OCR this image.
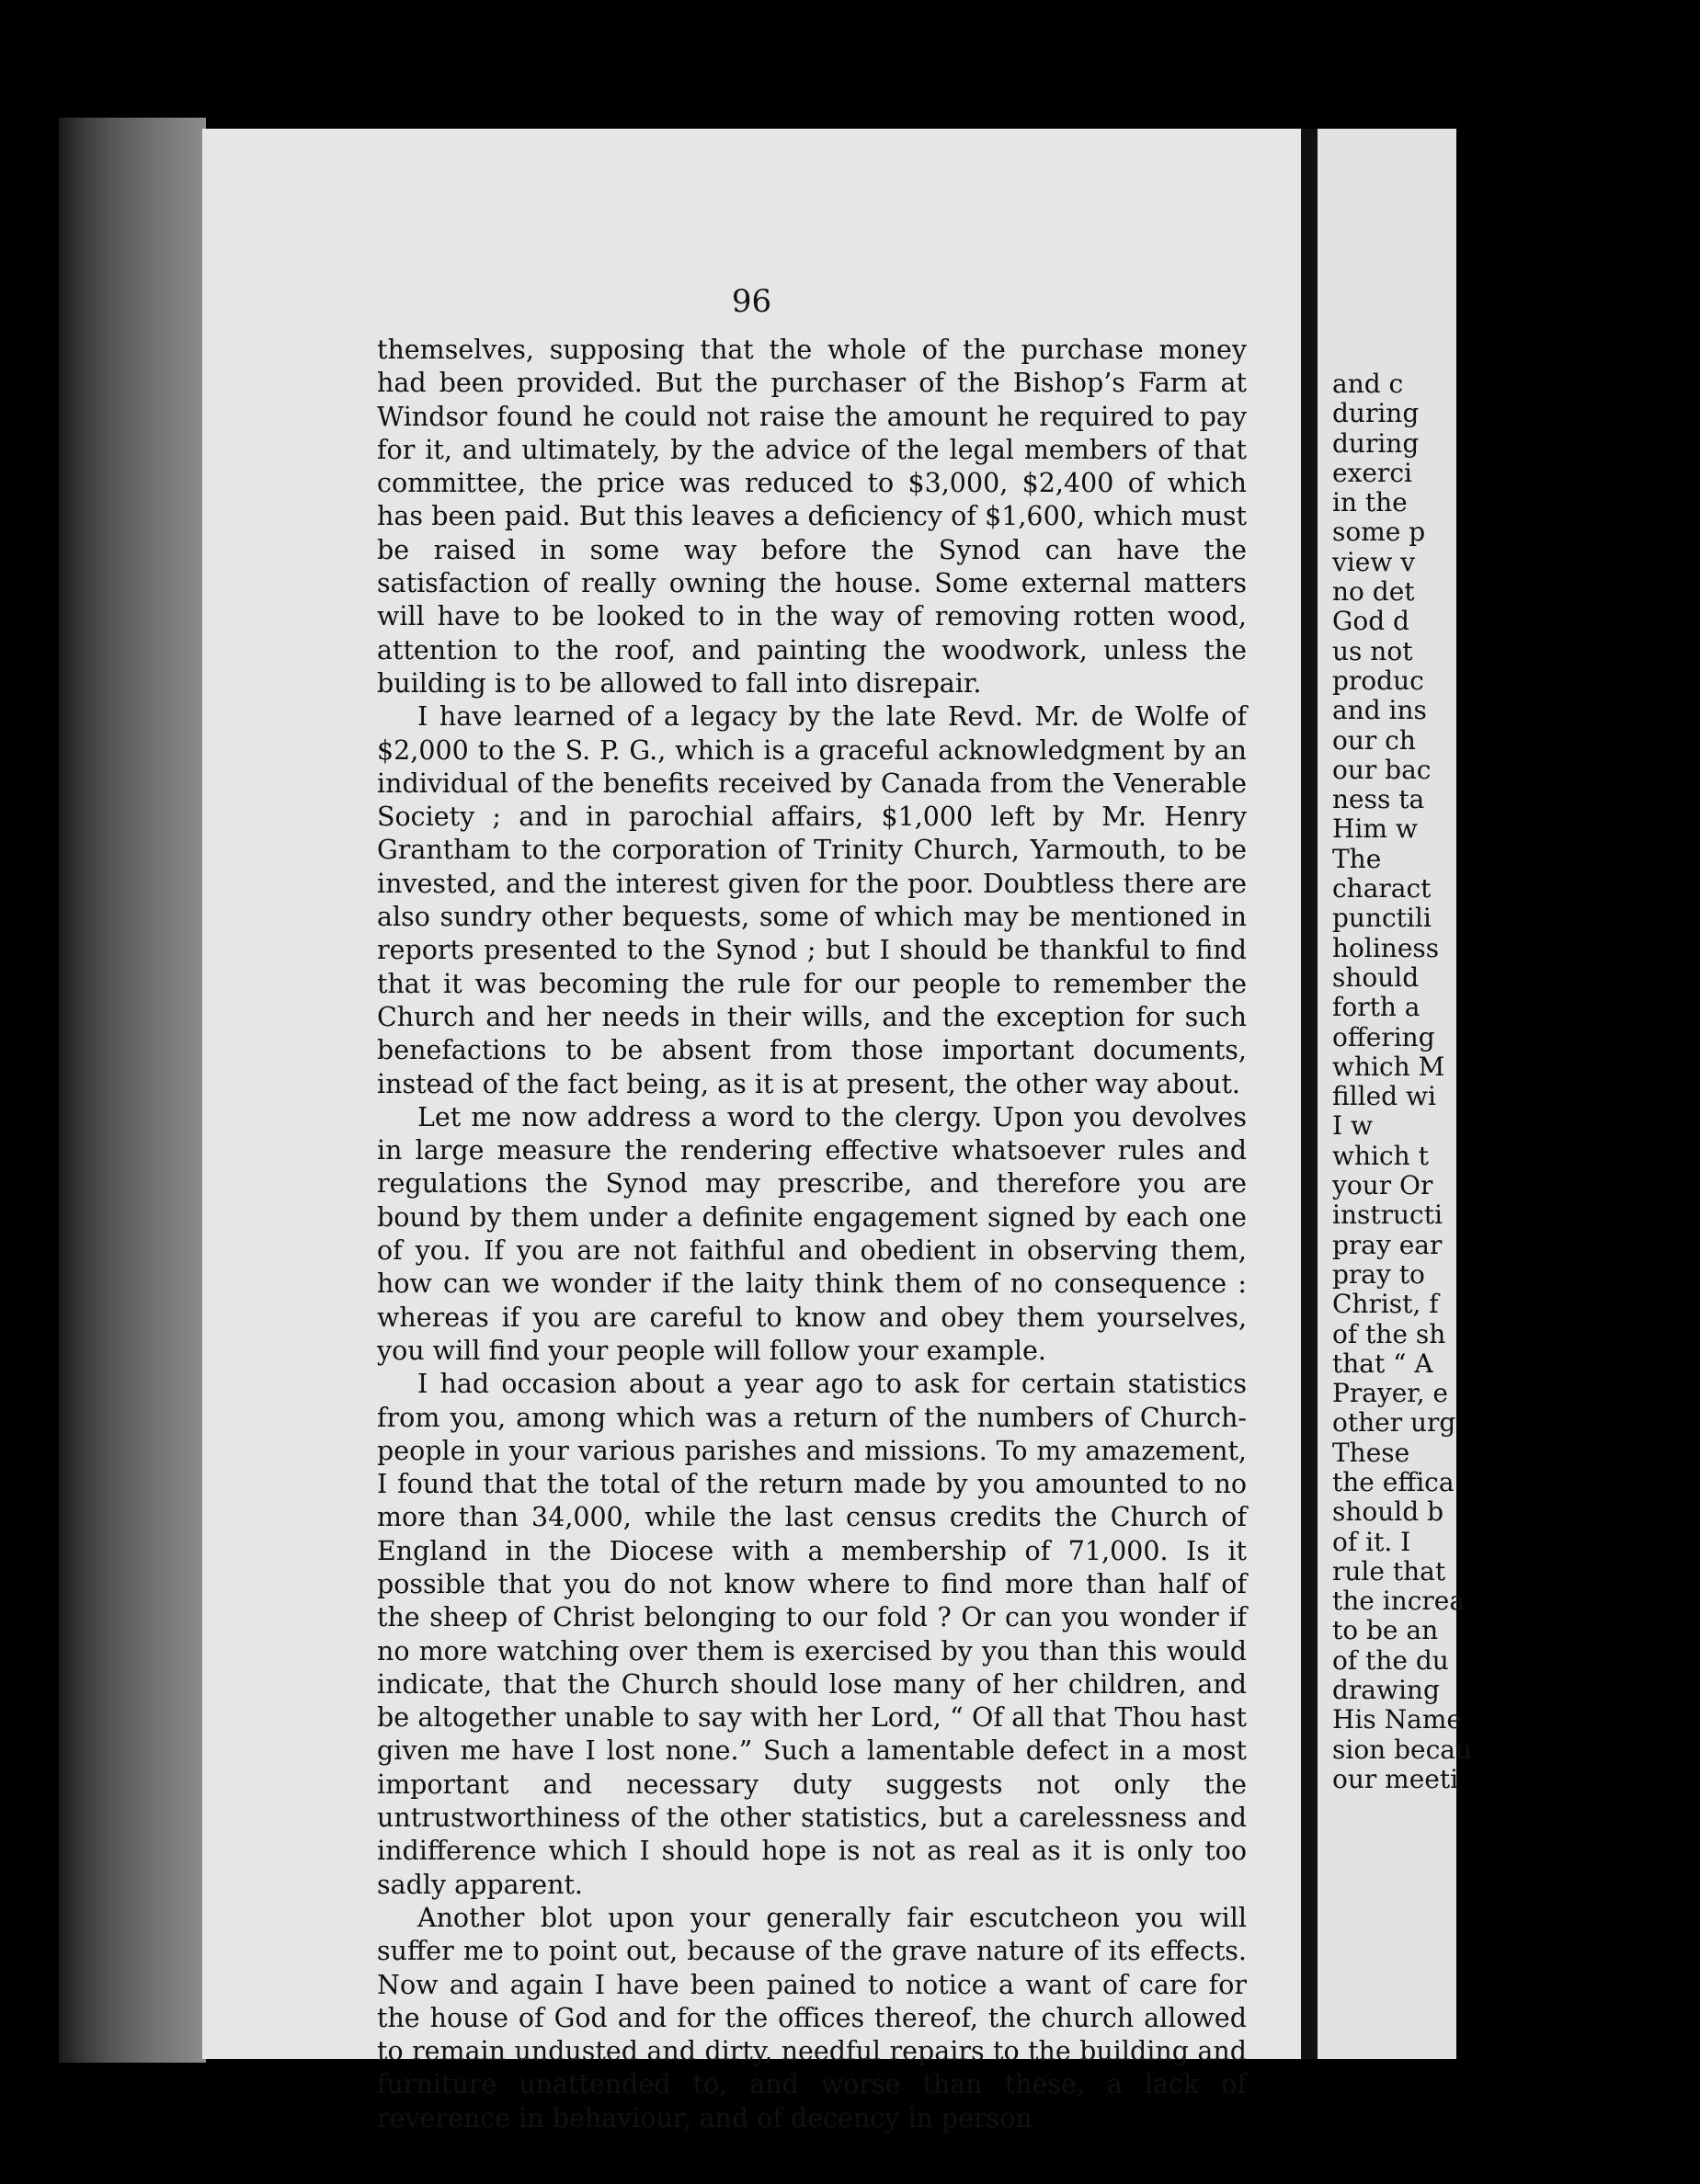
96

themselves, supposing that the whole of the purchase money had been provided. But the purchaser of the Bishop’s Farm at Windsor found he could not raise the amount he required to pay for it, and ultimately, by the advice of the legal members of that committee, the price was reduced to $3,000, $2,400 of which has been paid. But this leaves a deficiency of $1,600, which must be raised in some way before the Synod can have the satisfaction of really owning the house. Some external matters will have to be looked to in the way of removing rotten wood, attention to the roof, and painting the woodwork, unless the building is to be allowed to fall into disrepair.

I have learned of a legacy by the late Revd. Mr. de Wolfe of $2,000 to the S. P. G., which is a graceful acknowledgment by an individual of the benefits received by Canada from the Venerable Society ; and in parochial affairs, $1,000 left by Mr. Henry Grantham to the corporation of Trinity Church, Yarmouth, to be invested, and the interest given for the poor. Doubtless there are also sundry other bequests, some of which may be mentioned in reports presented to the Synod ; but I should be thankful to find that it was becoming the rule for our people to remember the Church and her needs in their wills, and the exception for such benefactions to be absent from those important documents, instead of the fact being, as it is at present, the other way about.

Let me now address a word to the clergy. Upon you devolves in large measure the rendering effective whatsoever rules and regulations the Synod may prescribe, and therefore you are bound by them under a definite engagement signed by each one of you. If you are not faithful and obedient in observing them, how can we wonder if the laity think them of no consequence : whereas if you are careful to know and obey them yourselves, you will find your people will follow your example.

I had occasion about a year ago to ask for certain statistics from you, among which was a return of the numbers of Church-people in your various parishes and missions. To my amazement, I found that the total of the return made by you amounted to no more than 34,000, while the last census credits the Church of England in the Diocese with a membership of 71,000. Is it possible that you do not know where to find more than half of the sheep of Christ belonging to our fold ? Or can you wonder if no more watching over them is exercised by you than this would indicate, that the Church should lose many of her children, and be altogether unable to say with her Lord, “ Of all that Thou hast given me have I lost none.” Such a lamentable defect in a most important and necessary duty suggests not only the untrustworthiness of the other statistics, but a carelessness and indifference which I should hope is not as real as it is only too sadly apparent.

Another blot upon your generally fair escutcheon you will suffer me to point out, because of the grave nature of its effects. Now and again I have been pained to notice a want of care for the house of God and for the offices thereof, the church allowed to remain undusted and dirty, needful repairs to the building and furniture unattended to, and worse than these, a lack of reverence in behaviour, and of decency in person

and c
during
during
exerci
in the
some p
view v
no det
God d
us not
produc
and ins
our ch
our bac
ness ta
Him w
The
charact
punctili
holiness
should
forth a
offering
which M
filled wi
I w
which t
your Or
instructi
pray ear
pray to
Christ, f
of the sh
that “ A
Prayer, e
other urg
These
the effica
should b
of it. I
rule that
the increa
to be an
of the du
drawing
His Name
sion becau
our meeti
